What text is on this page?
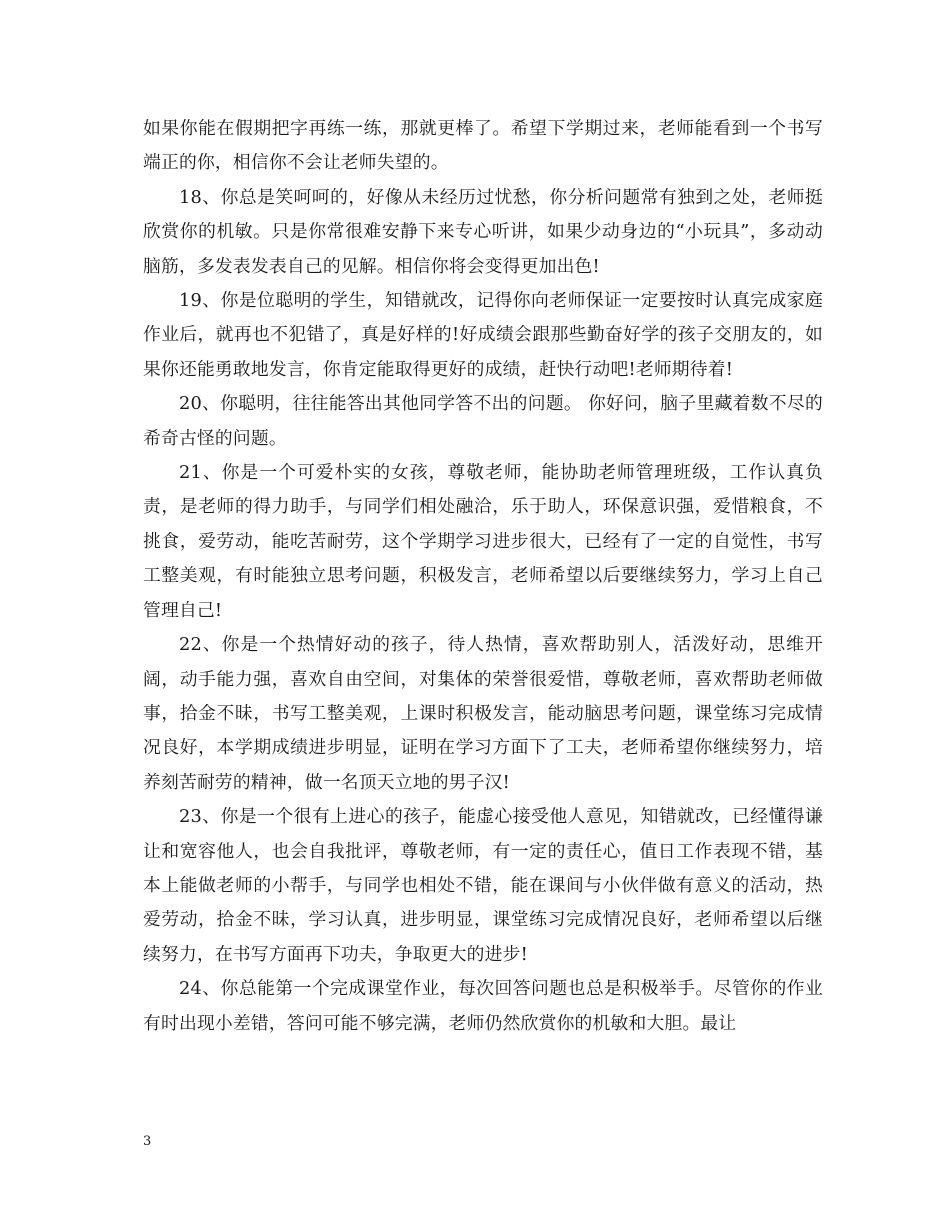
如果你能在假期把字再练一练，那就更棒了。希望下学期过来，老师能看到一个书写端正的你，相信你不会让老师失望的。

18、你总是笑呵呵的，好像从未经历过忧愁，你分析问题常有独到之处，老师挺欣赏你的机敏。只是你常很难安静下来专心听讲，如果少动身边的“小玩具”，多动动脑筋，多发表发表自己的见解。相信你将会变得更加出色!

19、你是位聪明的学生，知错就改，记得你向老师保证一定要按时认真完成家庭作业后，就再也不犯错了，真是好样的!好成绩会跟那些勤奋好学的孩子交朋友的，如果你还能勇敢地发言，你肯定能取得更好的成绩，赶快行动吧!老师期待着!

20、你聪明，往往能答出其他同学答不出的问题。 你好问，脑子里藏着数不尽的希奇古怪的问题。

21、你是一个可爱朴实的女孩，尊敬老师，能协助老师管理班级，工作认真负责，是老师的得力助手，与同学们相处融洽，乐于助人，环保意识强，爱惜粮食，不挑食，爱劳动，能吃苦耐劳，这个学期学习进步很大，已经有了一定的自觉性，书写工整美观，有时能独立思考问题，积极发言，老师希望以后要继续努力，学习上自己管理自己!

22、你是一个热情好动的孩子，待人热情，喜欢帮助别人，活泼好动，思维开阔，动手能力强，喜欢自由空间，对集体的荣誉很爱惜，尊敬老师，喜欢帮助老师做事，拾金不昧，书写工整美观，上课时积极发言，能动脑思考问题，课堂练习完成情况良好，本学期成绩进步明显，证明在学习方面下了工夫，老师希望你继续努力，培养刻苦耐劳的精神，做一名顶天立地的男子汉!

23、你是一个很有上进心的孩子，能虚心接受他人意见，知错就改，已经懂得谦让和宽容他人，也会自我批评，尊敬老师，有一定的责任心，值日工作表现不错，基本上能做老师的小帮手，与同学也相处不错，能在课间与小伙伴做有意义的活动，热爱劳动，拾金不昧，学习认真，进步明显，课堂练习完成情况良好，老师希望以后继续努力，在书写方面再下功夫，争取更大的进步!

24、你总能第一个完成课堂作业，每次回答问题也总是积极举手。尽管你的作业有时出现小差错，答问可能不够完满，老师仍然欣赏你的机敏和大胆。最让

3
